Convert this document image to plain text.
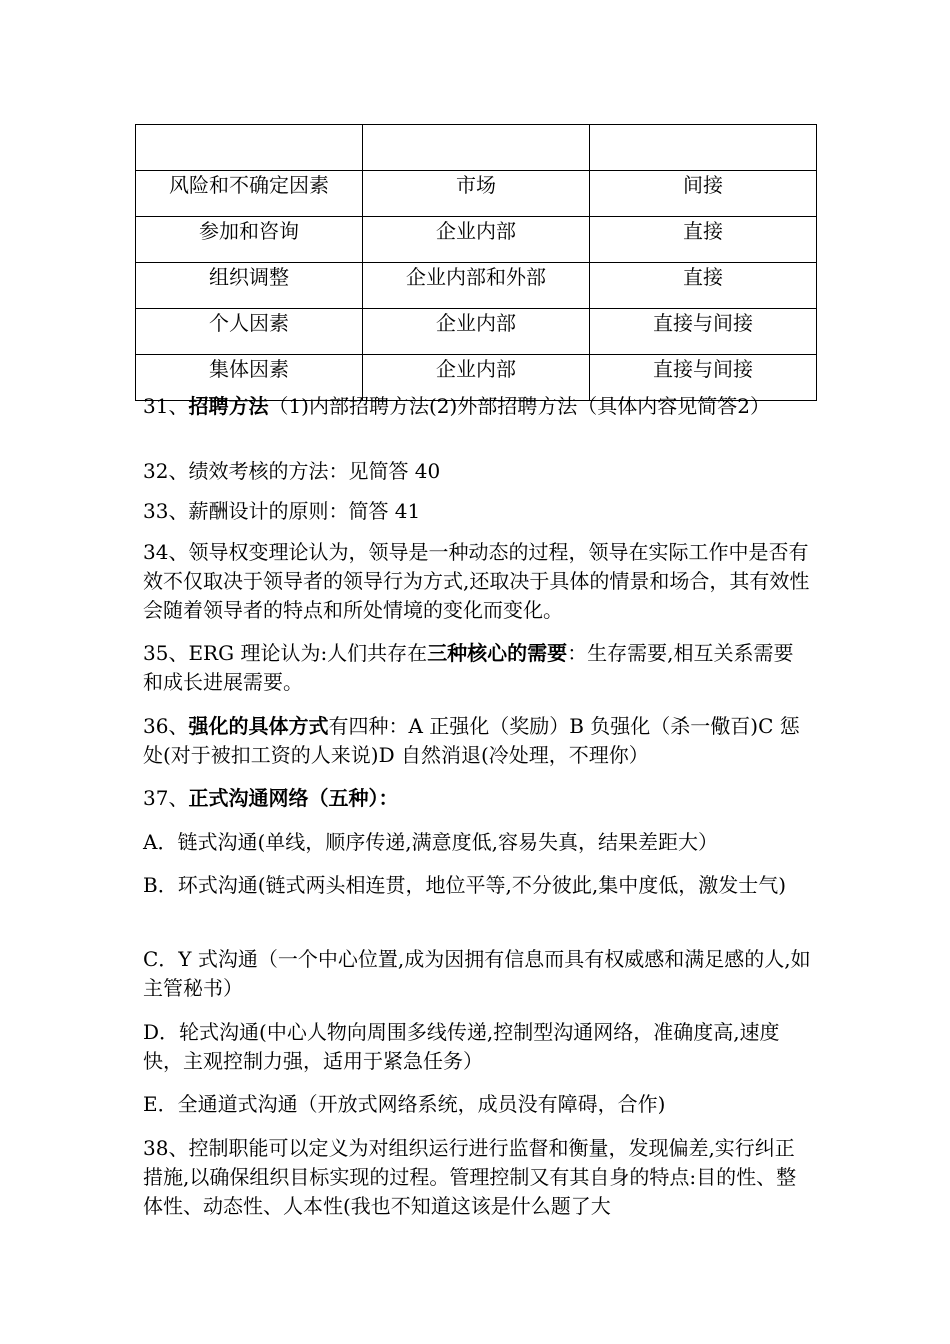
风险和不确定因素	市场	间接
参加和咨询	企业内部	直接
组织调整	企业内部和外部	直接
个人因素	企业内部	直接与间接
集体因素	企业内部	直接与间接

31、招聘方法（1)内部招聘方法(2)外部招聘方法（具体内容见简答2）

32、绩效考核的方法：见简答 40

33、薪酬设计的原则：简答 41

34、领导权变理论认为，领导是一种动态的过程，领导在实际工作中是否有效不仅取决于领导者的领导行为方式,还取决于具体的情景和场合，其有效性会随着领导者的特点和所处情境的变化而变化。

35、ERG 理论认为:人们共存在三种核心的需要：生存需要,相互关系需要和成长进展需要。

36、强化的具体方式有四种：A 正强化（奖励）B 负强化（杀一儆百)C 惩处(对于被扣工资的人来说)D 自然消退(冷处理，不理你）

37、正式沟通网络（五种）：

A．链式沟通(单线，顺序传递,满意度低,容易失真，结果差距大）

B．环式沟通(链式两头相连贯，地位平等,不分彼此,集中度低，激发士气)

C．Y 式沟通（一个中心位置,成为因拥有信息而具有权威感和满足感的人,如主管秘书）

D．轮式沟通(中心人物向周围多线传递,控制型沟通网络，准确度高,速度快，主观控制力强，适用于紧急任务）

E．全通道式沟通（开放式网络系统，成员没有障碍，合作)

38、控制职能可以定义为对组织运行进行监督和衡量，发现偏差,实行纠正措施,以确保组织目标实现的过程。管理控制又有其自身的特点:目的性、整体性、动态性、人本性(我也不知道这该是什么题了大
